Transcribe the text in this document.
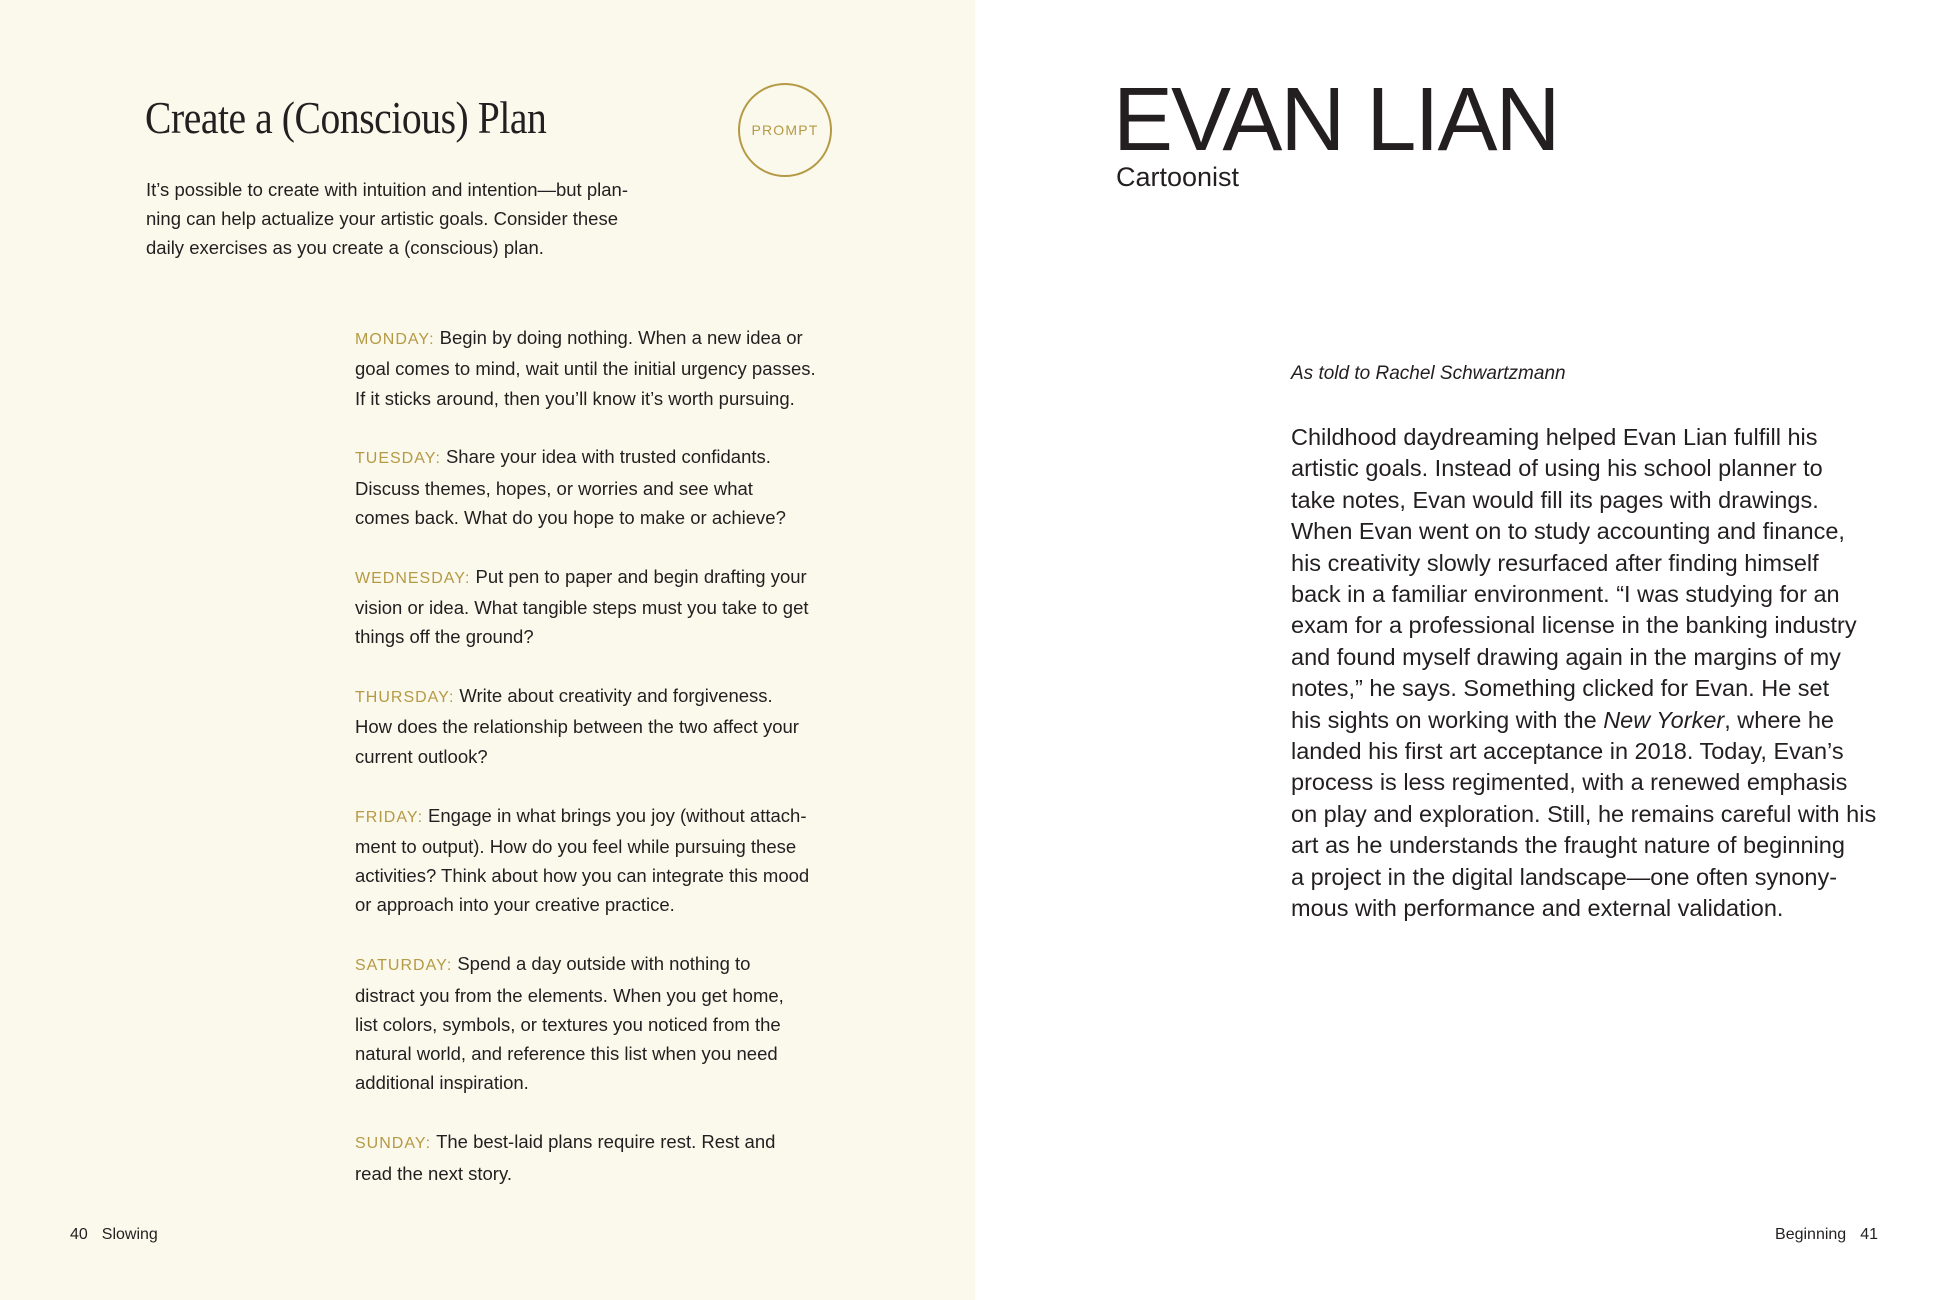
Create a (Conscious) Plan	PROMPT

It’s possible to create with intuition and intention—but plan-
ning can help actualize your artistic goals. Consider these
daily exercises as you create a (conscious) plan.

MONDAY: Begin by doing nothing. When a new idea or
goal comes to mind, wait until the initial urgency passes.
If it sticks around, then you’ll know it’s worth pursuing.

TUESDAY: Share your idea with trusted confidants.
Discuss themes, hopes, or worries and see what
comes back. What do you hope to make or achieve?

WEDNESDAY: Put pen to paper and begin drafting your
vision or idea. What tangible steps must you take to get
things off the ground?

THURSDAY: Write about creativity and forgiveness.
How does the relationship between the two affect your
current outlook?

FRIDAY: Engage in what brings you joy (without attach-
ment to output). How do you feel while pursuing these
activities? Think about how you can integrate this mood
or approach into your creative practice.

SATURDAY: Spend a day outside with nothing to
distract you from the elements. When you get home,
list colors, symbols, or textures you noticed from the
natural world, and reference this list when you need
additional inspiration.

SUNDAY: The best-laid plans require rest. Rest and
read the next story.

40 Slowing
EVAN LIAN
Cartoonist
As told to Rachel Schwartzmann

Childhood daydreaming helped Evan Lian fulfill his
artistic goals. Instead of using his school planner to
take notes, Evan would fill its pages with drawings.
When Evan went on to study accounting and finance,
his creativity slowly resurfaced after finding himself
back in a familiar environment. “I was studying for an
exam for a professional license in the banking industry
and found myself drawing again in the margins of my
notes,” he says. Something clicked for Evan. He set
his sights on working with the New Yorker, where he
landed his first art acceptance in 2018. Today, Evan’s
process is less regimented, with a renewed emphasis
on play and exploration. Still, he remains careful with his
art as he understands the fraught nature of beginning
a project in the digital landscape—one often synony-
mous with performance and external validation.

Beginning 41
